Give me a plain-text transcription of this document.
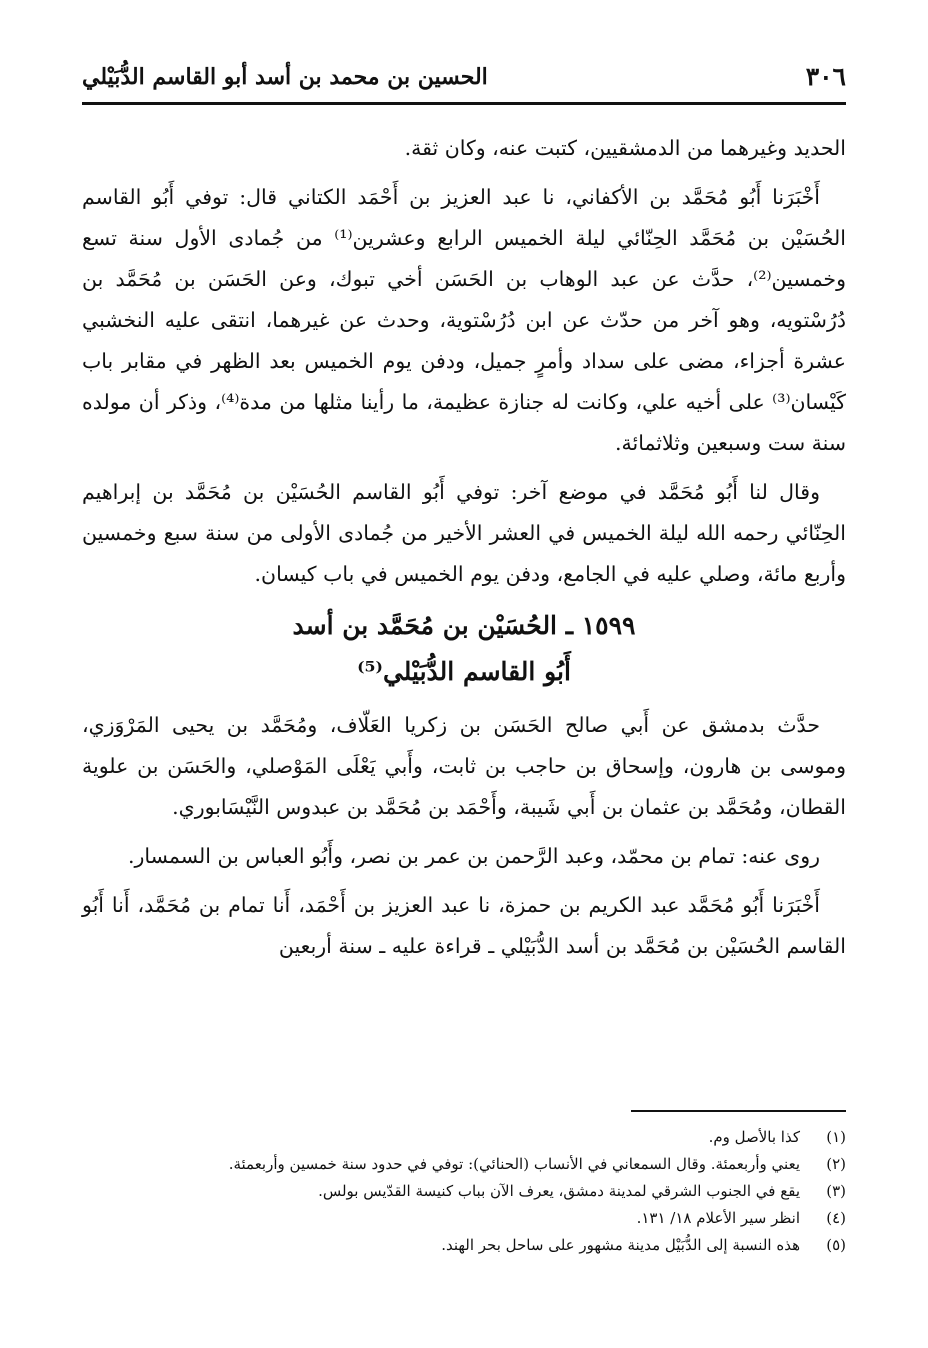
٣٠٦
الحسين بن محمد بن أسد أبو القاسم الدُّبَيْلي

الحديد وغيرهما من الدمشقيين، كتبت عنه، وكان ثقة.

أَخْبَرَنا أَبُو مُحَمَّد بن الأكفاني، نا عبد العزيز بن أَحْمَد الكتاني قال: توفي أَبُو القاسم الحُسَيْن بن مُحَمَّد الحِنّائي ليلة الخميس الرابع وعشرين⁽¹⁾ من جُمادى الأول سنة تسع وخمسين⁽²⁾، حدَّث عن عبد الوهاب بن الحَسَن أخي تبوك، وعن الحَسَن بن مُحَمَّد بن دُرُسْتويه، وهو آخر من حدّث عن ابن دُرُسْتوية، وحدث عن غيرهما، انتقى عليه النخشبي عشرة أجزاء، مضى على سداد وأمرٍ جميل، ودفن يوم الخميس بعد الظهر في مقابر باب كَيْسان⁽³⁾ على أخيه علي، وكانت له جنازة عظيمة، ما رأينا مثلها من مدة⁽⁴⁾، وذكر أن مولده سنة ست وسبعين وثلاثمائة.

وقال لنا أَبُو مُحَمَّد في موضع آخر: توفي أَبُو القاسم الحُسَيْن بن مُحَمَّد بن إبراهيم الحِنّائي رحمه الله ليلة الخميس في العشر الأخير من جُمادى الأولى من سنة سبع وخمسين وأربع مائة، وصلي عليه في الجامع، ودفن يوم الخميس في باب كيسان.

١٥٩٩ ـ الحُسَيْن بن مُحَمَّد بن أسد
أَبُو القاسم الدُّبَيْلي⁽⁵⁾

حدَّث بدمشق عن أَبي صالح الحَسَن بن زكريا العَلّاف، ومُحَمَّد بن يحيى المَرْوَزي، وموسى بن هارون، وإسحاق بن حاجب بن ثابت، وأَبي يَعْلَى المَوْصلي، والحَسَن بن علوية القطان، ومُحَمَّد بن عثمان بن أَبي شَيبة، وأَحْمَد بن مُحَمَّد بن عبدوس النَّيْسَابوري.

روى عنه: تمام بن محمّد، وعبد الرَّحمن بن عمر بن نصر، وأَبُو العباس بن السمسار.

أَخْبَرَنا أَبُو مُحَمَّد عبد الكريم بن حمزة، نا عبد العزيز بن أَحْمَد، أَنا تمام بن مُحَمَّد، أَنا أَبُو القاسم الحُسَيْن بن مُحَمَّد بن أسد الدُّبَيْلي ـ قراءة عليه ـ سنة أربعين

(١)
كذا بالأصل وم.
(٢)
يعني وأربعمئة. وقال السمعاني في الأنساب (الحنائي): توفي في حدود سنة خمسين وأربعمئة.
(٣)
يقع في الجنوب الشرقي لمدينة دمشق، يعرف الآن بباب كنيسة القدّيس بولس.
(٤)
انظر سير الأعلام ١٨/ ١٣١.
(٥)
هذه النسبة إلى الدُّبَيْل مدينة مشهور على ساحل بحر الهند.
